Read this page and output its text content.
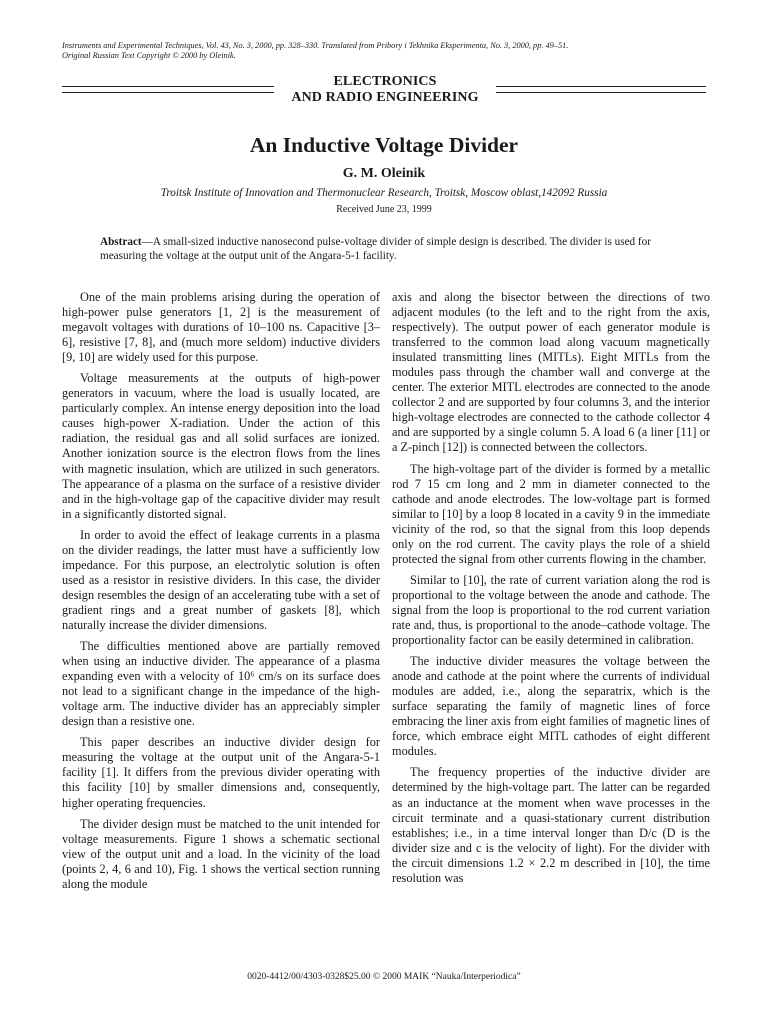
Instruments and Experimental Techniques, Vol. 43, No. 3, 2000, pp. 328–330. Translated from Pribory i Tekhnika Eksperimenta, No. 3, 2000, pp. 49–51.
Original Russian Text Copyright © 2000 by Oleinik.
ELECTRONICS
AND RADIO ENGINEERING
An Inductive Voltage Divider
G. M. Oleinik
Troitsk Institute of Innovation and Thermonuclear Research, Troitsk, Moscow oblast,142092 Russia
Received June 23, 1999
Abstract—A small-sized inductive nanosecond pulse-voltage divider of simple design is described. The divider is used for measuring the voltage at the output unit of the Angara-5-1 facility.

One of the main problems arising during the operation of high-power pulse generators [1, 2] is the measurement of megavolt voltages with durations of 10–100 ns. Capacitive [3–6], resistive [7, 8], and (much more seldom) inductive dividers [9, 10] are widely used for this purpose.

Voltage measurements at the outputs of high-power generators in vacuum, where the load is usually located, are particularly complex. An intense energy deposition into the load causes high-power X-radiation. Under the action of this radiation, the residual gas and all solid surfaces are ionized. Another ionization source is the electron flows from the lines with magnetic insulation, which are utilized in such generators. The appearance of a plasma on the surface of a resistive divider and in the high-voltage gap of the capacitive divider may result in a significantly distorted signal.

In order to avoid the effect of leakage currents in a plasma on the divider readings, the latter must have a sufficiently low impedance. For this purpose, an electrolytic solution is often used as a resistor in resistive dividers. In this case, the divider design resembles the design of an accelerating tube with a set of gradient rings and a great number of gaskets [8], which naturally increase the divider dimensions.

The difficulties mentioned above are partially removed when using an inductive divider. The appearance of a plasma expanding even with a velocity of 10⁶ cm/s on its surface does not lead to a significant change in the impedance of the high-voltage arm. The inductive divider has an appreciably simpler design than a resistive one.

This paper describes an inductive divider design for measuring the voltage at the output unit of the Angara-5-1 facility [1]. It differs from the previous divider operating with this facility [10] by smaller dimensions and, consequently, higher operating frequencies.

The divider design must be matched to the unit intended for voltage measurements. Figure 1 shows a schematic sectional view of the output unit and a load. In the vicinity of the load (points 2, 4, 6 and 10), Fig. 1 shows the vertical section running along the module

axis and along the bisector between the directions of two adjacent modules (to the left and to the right from the axis, respectively). The output power of each generator module is transferred to the common load along vacuum magnetically insulated transmitting lines (MITLs). Eight MITLs from the modules pass through the chamber wall and converge at the center. The exterior MITL electrodes are connected to the anode collector 2 and are supported by four columns 3, and the interior high-voltage electrodes are connected to the cathode collector 4 and are supported by a single column 5. A load 6 (a liner [11] or a Z-pinch [12]) is connected between the collectors.

The high-voltage part of the divider is formed by a metallic rod 7 15 cm long and 2 mm in diameter connected to the cathode and anode electrodes. The low-voltage part is formed similar to [10] by a loop 8 located in a cavity 9 in the immediate vicinity of the rod, so that the signal from this loop depends only on the rod current. The cavity plays the role of a shield protected the signal from other currents flowing in the chamber.

Similar to [10], the rate of current variation along the rod is proportional to the voltage between the anode and cathode. The signal from the loop is proportional to the rod current variation rate and, thus, is proportional to the anode–cathode voltage. The proportionality factor can be easily determined in calibration.

The inductive divider measures the voltage between the anode and cathode at the point where the currents of individual modules are added, i.e., along the separatrix, which is the surface separating the family of magnetic lines of force embracing the liner axis from eight families of magnetic lines of force, which embrace eight MITL cathodes of eight different modules.

The frequency properties of the inductive divider are determined by the high-voltage part. The latter can be regarded as an inductance at the moment when wave processes in the circuit terminate and a quasi-stationary current distribution establishes; i.e., in a time interval longer than D/c (D is the divider size and c is the velocity of light). For the divider with the circuit dimensions 1.2 × 2.2 m described in [10], the time resolution was

0020-4412/00/4303-0328$25.00 © 2000 MAIK “Nauka/Interperiodica”
